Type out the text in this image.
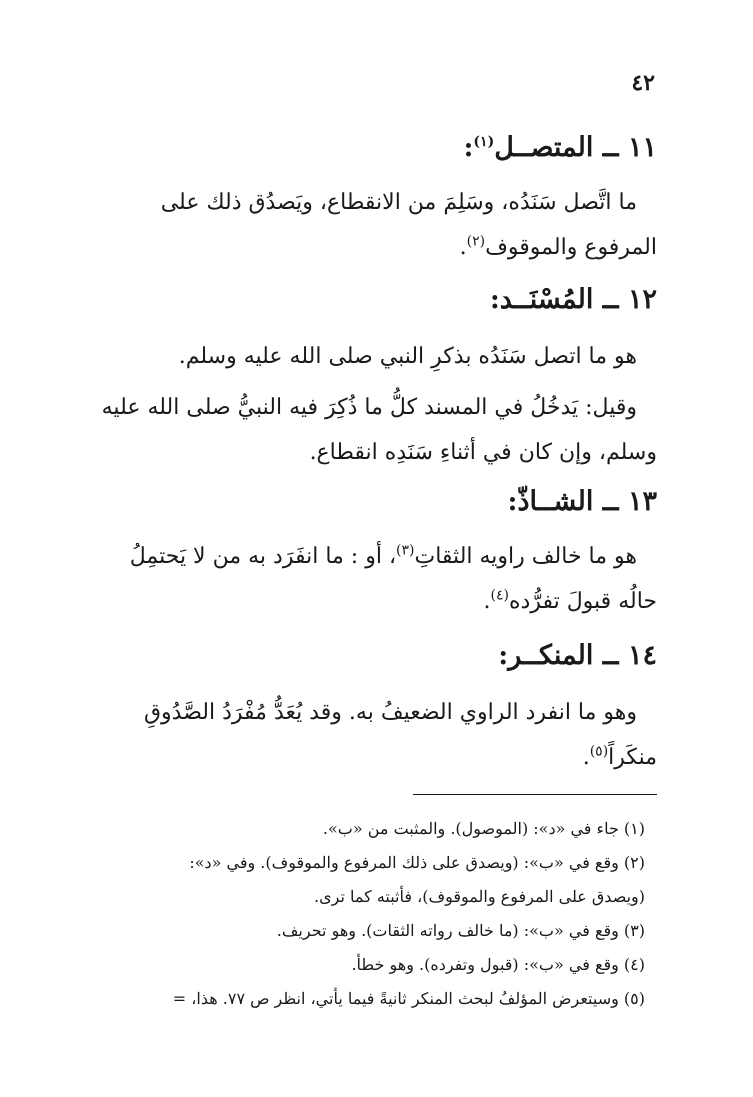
٤٢
١١ ــ المتصــل$^{(١)}$:
ما اتَّصل سَنَدُه، وسَلِمَ من الانقطاع، ويَصدُق ذلك على
المرفوع والموقوف$^{(٢)}$.
١٢ ــ المُسْنَــد:
هو ما اتصل سَنَدُه بذكرِ النبي صلى الله عليه وسلم.
وقيل: يَدخُلُ في المسند كلُّ ما ذُكِرَ فيه النبيُّ صلى الله عليه
وسلم، وإن كان في أثناءِ سَنَدِه انقطاع.
١٣ ــ الشــاذّ:
هو ما خالف راويه الثقاتِ$^{(٣)}$، أو : ما انفَرَد به من لا يَحتمِلُ
حالُه قبولَ تفرُّده$^{(٤)}$.
١٤ ــ المنكــر:
وهو ما انفرد الراوي الضعيفُ به. وقد يُعَدُّ مُفْرَدُ الصَّدُوقِ
منكَراً$^{(٥)}$.
(١) جاء في «د»: (الموصول). والمثبت من «ب».
(٢) وقع في «ب»: (ويصدق على ذلك المرفوع والموقوف). وفي «د»:
(ويصدق على المرفوع والموقوف)، فأثبته كما ترى.
(٣) وقع في «ب»: (ما خالف رواته الثقات). وهو تحريف.
(٤) وقع في «ب»: (قبول وتفرده). وهو خطأ.
(٥) وسيتعرض المؤلفُ لبحث المنكر ثانيةً فيما يأتي، انظر ص ٧٧. هذا، =
